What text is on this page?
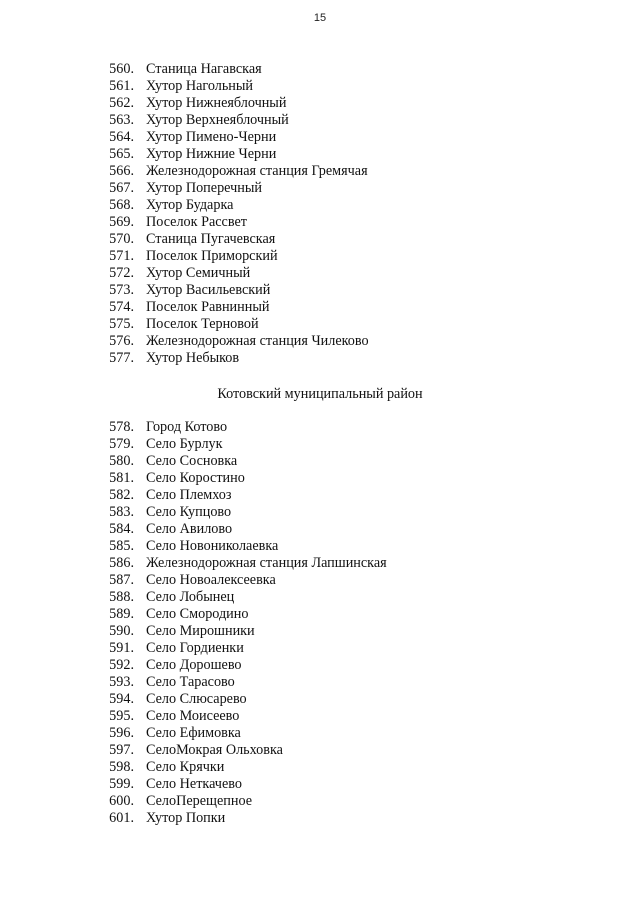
15
560. Станица Нагавская
561. Хутор Нагольный
562. Хутор Нижнеяблочный
563. Хутор Верхнеяблочный
564. Хутор Пимено-Черни
565. Хутор Нижние Черни
566. Железнодорожная станция Гремячая
567. Хутор Поперечный
568. Хутор Бударка
569. Поселок Рассвет
570. Станица Пугачевская
571. Поселок Приморский
572. Хутор Семичный
573. Хутор Васильевский
574. Поселок Равнинный
575. Поселок Терновой
576. Железнодорожная станция Чилеково
577. Хутор Небыков
Котовский муниципальный район
578. Город Котово
579. Село Бурлук
580. Село Сосновка
581. Село Коростино
582. Село Племхоз
583. Село Купцово
584. Село Авилово
585. Село Новониколаевка
586. Железнодорожная станция Лапшинская
587. Село Новоалексеевка
588. Село Лобынец
589. Село Смородино
590. Село Мирошники
591. Село Гордиенки
592. Село Дорошево
593. Село Тарасово
594. Село Слюсарево
595. Село Моисеево
596. Село Ефимовка
597. СелоМокрая Ольховка
598. Село Крячки
599. Село Неткачево
600. СелоПерещепное
601. Хутор Попки
